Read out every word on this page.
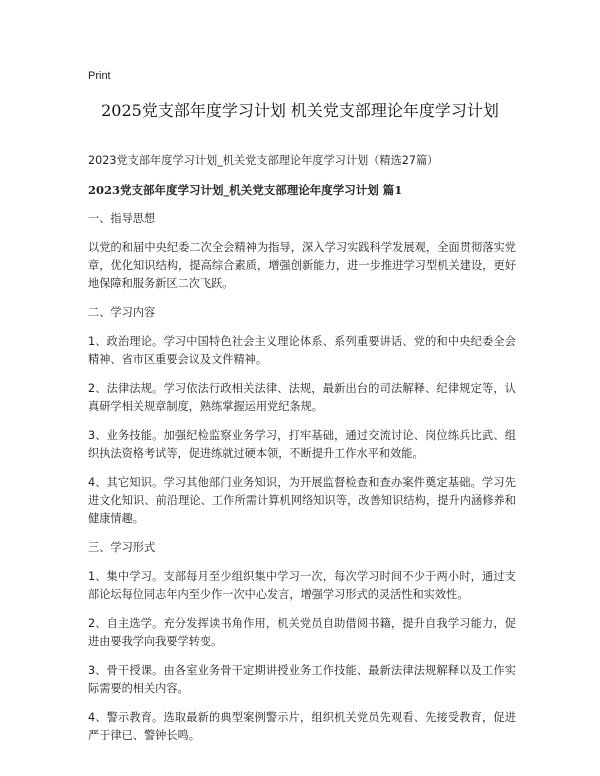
Print
2025党支部年度学习计划 机关党支部理论年度学习计划

2023党支部年度学习计划_机关党支部理论年度学习计划（精选27篇）

2023党支部年度学习计划_机关党支部理论年度学习计划 篇1

一、指导思想

以党的和届中央纪委二次全会精神为指导，深入学习实践科学发展观，全面贯彻落实党章，优化知识结构，提高综合素质，增强创新能力，进一步推进学习型机关建设，更好地保障和服务新区二次飞跃。

二、学习内容

1、政治理论。学习中国特色社会主义理论体系、系列重要讲话、党的和中央纪委全会精神、省市区重要会议及文件精神。

2、法律法规。学习依法行政相关法律、法规，最新出台的司法解释、纪律规定等，认真研学相关规章制度，熟练掌握运用党纪条规。

3、业务技能。加强纪检监察业务学习，打牢基础，通过交流讨论、岗位练兵比武、组织执法资格考试等，促进练就过硬本领，不断提升工作水平和效能。

4、其它知识。学习其他部门业务知识，为开展监督检查和查办案件奠定基础。学习先进文化知识、前沿理论、工作所需计算机网络知识等，改善知识结构，提升内涵修养和健康情趣。

三、学习形式

1、集中学习。支部每月至少组织集中学习一次，每次学习时间不少于两小时，通过支部论坛每位同志年内至少作一次中心发言，增强学习形式的灵活性和实效性。

2、自主选学。充分发挥读书角作用，机关党员自助借阅书籍，提升自我学习能力，促进由要我学向我要学转变。

3、骨干授课。由各室业务骨干定期讲授业务工作技能、最新法律法规解释以及工作实际需要的相关内容。

4、警示教育。选取最新的典型案例警示片，组织机关党员先观看、先接受教育，促进严于律已、警钟长鸣。
